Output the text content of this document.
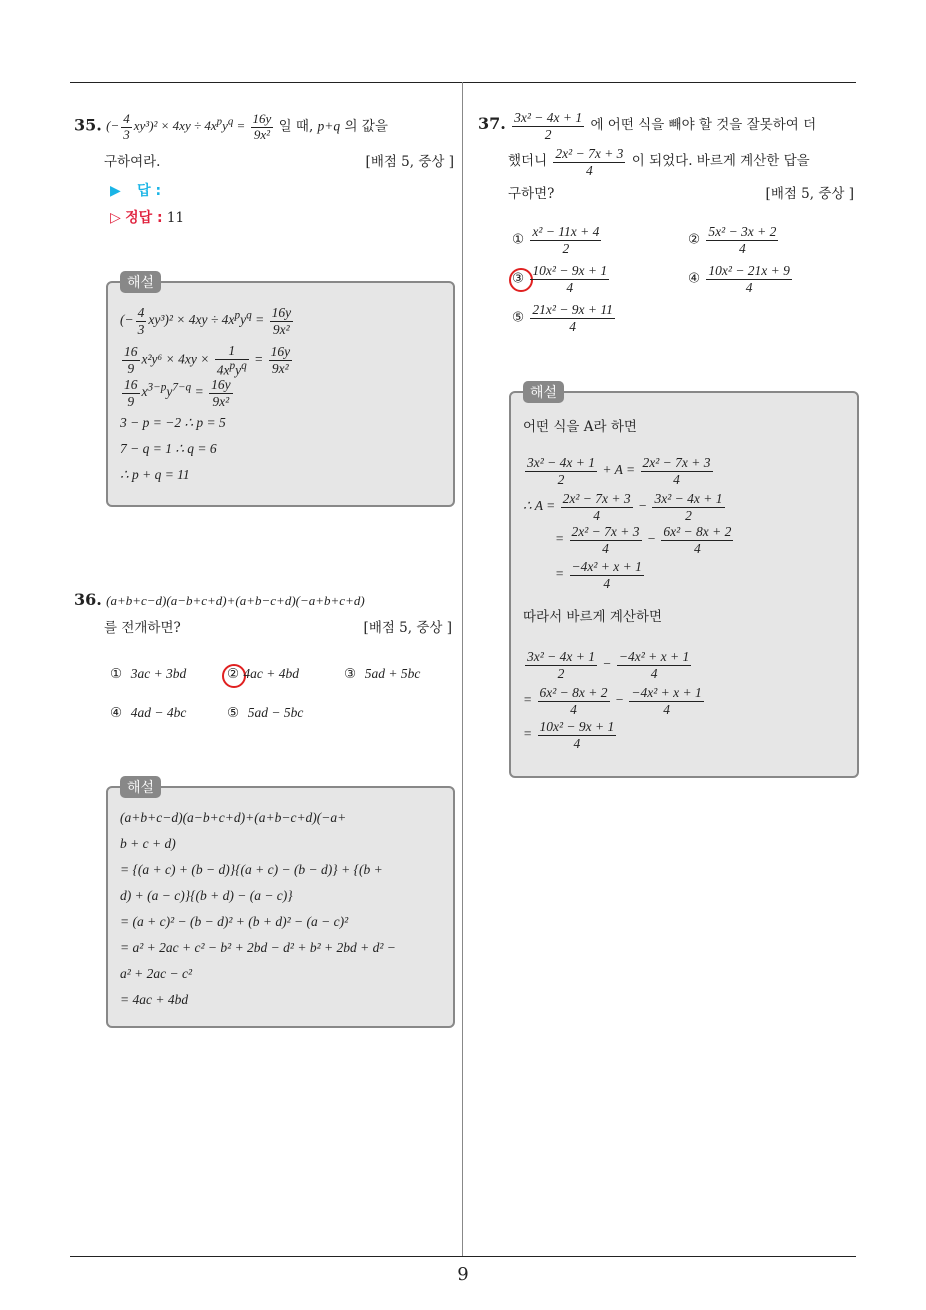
9
35. (− $\frac{4}{3} xy^3)^2 \times 4xy \div 4x^py^q = \frac{16y}{\text{9x²}}$ 일 때, p+q 의 값을
구하여라.	[배점 5, 중상 ]
▶ 답 :
▷ 정답 : 11
해설
(− $\frac{4}{3} xy^3)^2 \times 4xy \div 4x^py^q = \frac{16y}{\text{9x²}}$
$\frac{16}{9} x^2y^6 \times 4xy \times \frac{1}{4x^py^q} = \frac{16y}{\text{9x²}}$
$\frac{16}{9} x^{3-p}y^{7-q} = \frac{16y}{\text{9x²}}$
3 − p = −2 ∴ p = 5
7 − q = 1 ∴ q = 6
∴ p + q = 11
36. (a+b+c−d)(a−b+c+d)+(a+b−c+d)(−a+b+c+d)
를 전개하면?	[배점 5, 중상 ]
① 3ac + 3bd	② 4ac + 4bd	③ 5ad + 5bc
④ 4ad − 4bc	⑤ 5ad − 5bc
해설
(a+b+c−d)(a−b+c+d)+(a+b−c+d)(−a+
b + c + d)
= {(a + c) + (b − d)}{(a + c) − (b − d)} + {(b +
d) + (a − c)}{(b + d) − (a − c)}
= (a + c)² − (b − d)² + (b + d)² − (a − c)²
= a² + 2ac + c² − b² + 2bd − d² + b² + 2bd + d² −
a² + 2ac − c²
= 4ac + 4bd
37. $\frac{\text{3x² − 4x + 1}}{2}$ 에 어떤 식을 빼야 할 것을 잘못하여 더
했더니 $\frac{\text{2x² − 7x + 3}}{4}$ 이 되었다. 바르게 계산한 답을
구하면?	[배점 5, 중상 ]
① $\frac{\text{x² − 11x + 4}}{2}$	② $\frac{\text{5x² − 3x + 2}}{4}$
③ $\frac{\text{10x² − 9x + 1}}{4}$	④ $\frac{\text{10x² − 21x + 9}}{4}$
⑤ $\frac{\text{21x² − 9x + 11}}{4}$
해설
어떤 식을 A라 하면
$\frac{\text{3x² − 4x + 1}}{2} + A = \frac{\text{2x² − 7x + 3}}{4}$
∴ $A = \frac{\text{2x² − 7x + 3}}{4} - \frac{\text{3x² − 4x + 1}}{2}$
= $\frac{\text{2x² − 7x + 3}}{4} - \frac{\text{6x² − 8x + 2}}{4}$
= $\frac{\text{−4x² + x + 1}}{4}$
따라서 바르게 계산하면
$\frac{\text{3x² − 4x + 1}}{2} - \frac{\text{−4x² + x + 1}}{4}$
= $\frac{\text{6x² − 8x + 2}}{4} - \frac{\text{−4x² + x + 1}}{4}$
= $\frac{\text{10x² − 9x + 1}}{4}$
